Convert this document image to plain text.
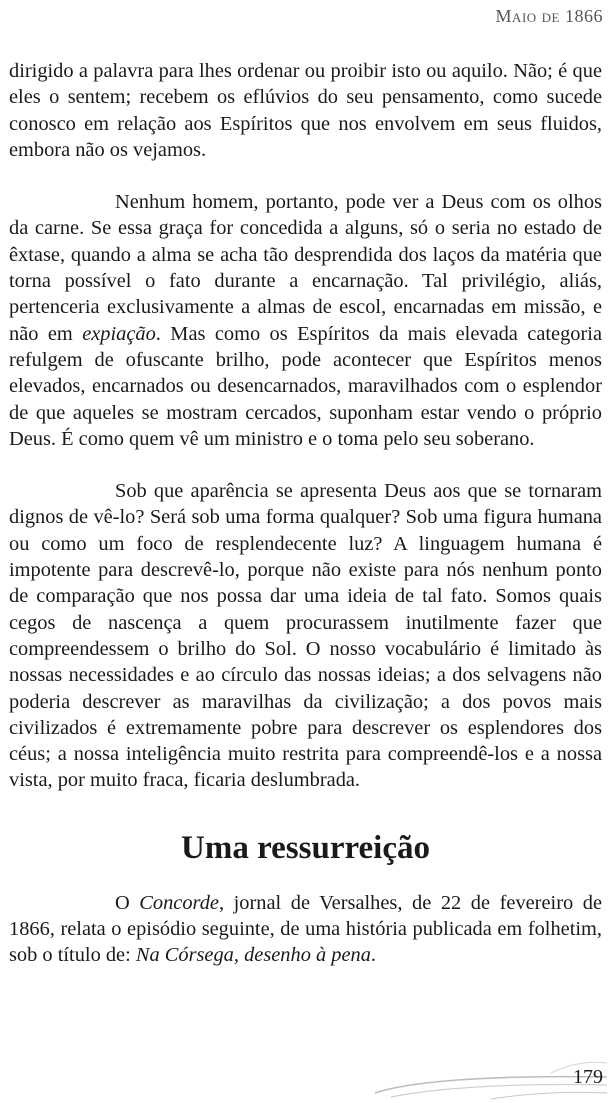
Maio de 1866

dirigido a palavra para lhes ordenar ou proibir isto ou aquilo. Não; é que eles o sentem; recebem os eflúvios do seu pensamento, como sucede conosco em relação aos Espíritos que nos envolvem em seus fluidos, embora não os vejamos.

Nenhum homem, portanto, pode ver a Deus com os olhos da carne. Se essa graça for concedida a alguns, só o seria no estado de êxtase, quando a alma se acha tão desprendida dos laços da matéria que torna possível o fato durante a encarnação. Tal privilégio, aliás, pertenceria exclusivamente a almas de escol, encarnadas em missão, e não em expiação. Mas como os Espíritos da mais elevada categoria refulgem de ofuscante brilho, pode acontecer que Espíritos menos elevados, encarnados ou desencarnados, maravilhados com o esplendor de que aqueles se mostram cercados, suponham estar vendo o próprio Deus. É como quem vê um ministro e o toma pelo seu soberano.

Sob que aparência se apresenta Deus aos que se tornaram dignos de vê-lo? Será sob uma forma qualquer? Sob uma figura humana ou como um foco de resplendecente luz? A linguagem humana é impotente para descrevê-lo, porque não existe para nós nenhum ponto de comparação que nos possa dar uma ideia de tal fato. Somos quais cegos de nascença a quem procurassem inutilmente fazer que compreendessem o brilho do Sol. O nosso vocabulário é limitado às nossas necessidades e ao círculo das nossas ideias; a dos selvagens não poderia descrever as maravilhas da civilização; a dos povos mais civilizados é extremamente pobre para descrever os esplendores dos céus; a nossa inteligência muito restrita para compreendê-los e a nossa vista, por muito fraca, ficaria deslumbrada.

Uma ressurreição

O Concorde, jornal de Versalhes, de 22 de fevereiro de 1866, relata o episódio seguinte, de uma história publicada em folhetim, sob o título de: Na Córsega, desenho à pena.

179
